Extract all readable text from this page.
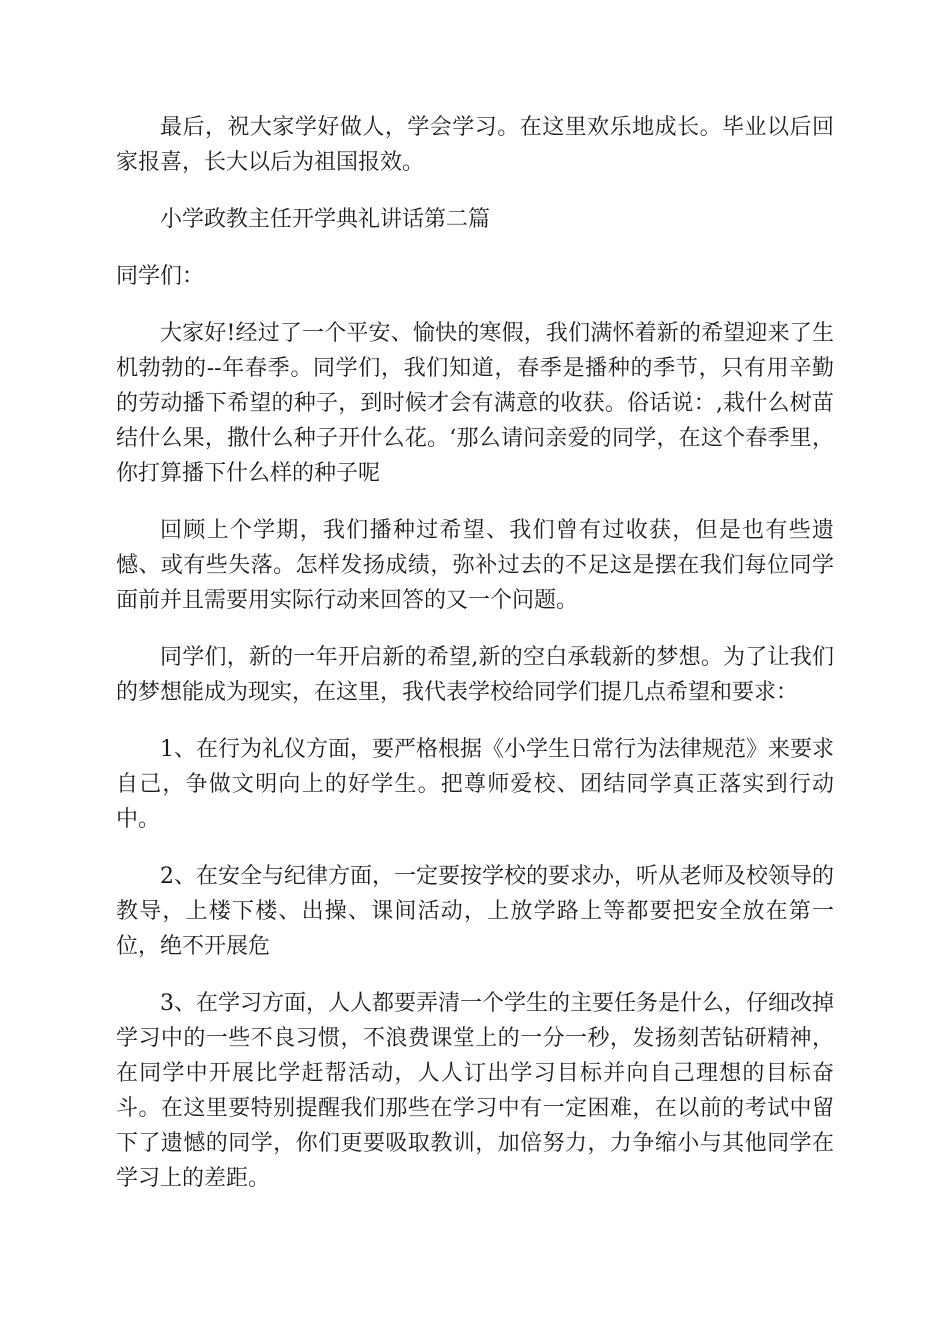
最后，祝大家学好做人，学会学习。在这里欢乐地成长。毕业以后回家报喜，长大以后为祖国报效。

小学政教主任开学典礼讲话第二篇

同学们：

大家好!经过了一个平安、愉快的寒假，我们满怀着新的希望迎来了生机勃勃的--年春季。同学们，我们知道，春季是播种的季节，只有用辛勤的劳动播下希望的种子，到时候才会有满意的收获。俗话说：,栽什么树苗结什么果，撒什么种子开什么花。‘那么请问亲爱的同学，在这个春季里，你打算播下什么样的种子呢

回顾上个学期，我们播种过希望、我们曾有过收获，但是也有些遗憾、或有些失落。怎样发扬成绩，弥补过去的不足这是摆在我们每位同学面前并且需要用实际行动来回答的又一个问题。

同学们，新的一年开启新的希望,新的空白承载新的梦想。为了让我们的梦想能成为现实，在这里，我代表学校给同学们提几点希望和要求：

1、在行为礼仪方面，要严格根据《小学生日常行为法律规范》来要求自己，争做文明向上的好学生。把尊师爱校、团结同学真正落实到行动中。

2、在安全与纪律方面，一定要按学校的要求办，听从老师及校领导的教导，上楼下楼、出操、课间活动，上放学路上等都要把安全放在第一位，绝不开展危

3、在学习方面，人人都要弄清一个学生的主要任务是什么，仔细改掉学习中的一些不良习惯，不浪费课堂上的一分一秒，发扬刻苦钻研精神，在同学中开展比学赶帮活动，人人订出学习目标并向自己理想的目标奋斗。在这里要特别提醒我们那些在学习中有一定困难，在以前的考试中留下了遗憾的同学，你们更要吸取教训，加倍努力，力争缩小与其他同学在学习上的差距。
